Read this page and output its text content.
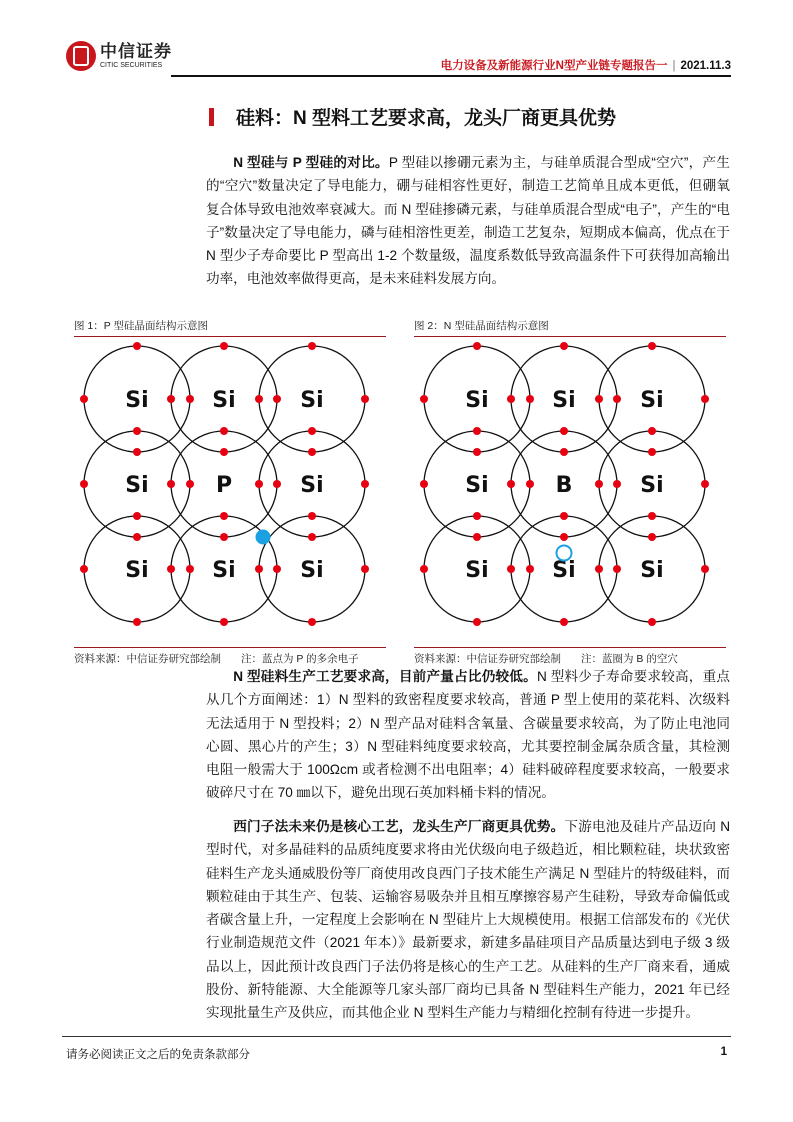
中信证券
CITIC SECURITIES	电力设备及新能源行业N型产业链专题报告一 | 2021.11.3
硅料：N 型料工艺要求高，龙头厂商更具优势
N 型硅与 P 型硅的对比。P 型硅以掺硼元素为主，与硅单质混合型成“空穴”，产生的“空穴”数量决定了导电能力，硼与硅相容性更好，制造工艺简单且成本更低，但硼氧复合体导致电池效率衰减大。而 N 型硅掺磷元素，与硅单质混合型成“电子”，产生的“电子”数量决定了导电能力，磷与硅相溶性更差，制造工艺复杂，短期成本偏高，优点在于 N 型少子寿命要比 P 型高出 1-2 个数量级，温度系数低导致高温条件下可获得加高输出功率，电池效率做得更高，是未来硅料发展方向。
图 1：P 型硅晶面结构示意图
Si	Si	Si
Si	P	Si
Si	Si	Si
资料来源：中信证券研究部绘制 注：蓝点为 P 的多余电子
图 2：N 型硅晶面结构示意图
Si	Si	Si
Si	B	Si
Si	Si	Si
资料来源：中信证券研究部绘制 注：蓝圈为 B 的空穴
N 型硅料生产工艺要求高，目前产量占比仍较低。N 型料少子寿命要求较高，重点从几个方面阐述：1）N 型料的致密程度要求较高，普通 P 型上使用的菜花料、次级料无法适用于 N 型投料；2）N 型产品对硅料含氧量、含碳量要求较高，为了防止电池同心圆、黑心片的产生；3）N 型硅料纯度要求较高，尤其要控制金属杂质含量，其检测电阻一般需大于 100Ωcm 或者检测不出电阻率；4）硅料破碎程度要求较高，一般要求破碎尺寸在 70 ㎜以下，避免出现石英加料桶卡料的情况。
西门子法未来仍是核心工艺，龙头生产厂商更具优势。下游电池及硅片产品迈向 N 型时代，对多晶硅料的品质纯度要求将由光伏级向电子级趋近，相比颗粒硅，块状致密硅料生产龙头通威股份等厂商使用改良西门子技术能生产满足 N 型硅片的特级硅料，而颗粒硅由于其生产、包装、运输容易吸杂并且相互摩擦容易产生硅粉，导致寿命偏低或者碳含量上升，一定程度上会影响在 N 型硅片上大规模使用。根据工信部发布的《光伏行业制造规范文件（2021 年本）》最新要求，新建多晶硅项目产品质量达到电子级 3 级品以上，因此预计改良西门子法仍将是核心的生产工艺。从硅料的生产厂商来看，通威股份、新特能源、大全能源等几家头部厂商均已具备 N 型硅料生产能力，2021 年已经实现批量生产及供应，而其他企业 N 型料生产能力与精细化控制有待进一步提升。
请务必阅读正文之后的免责条款部分	1
